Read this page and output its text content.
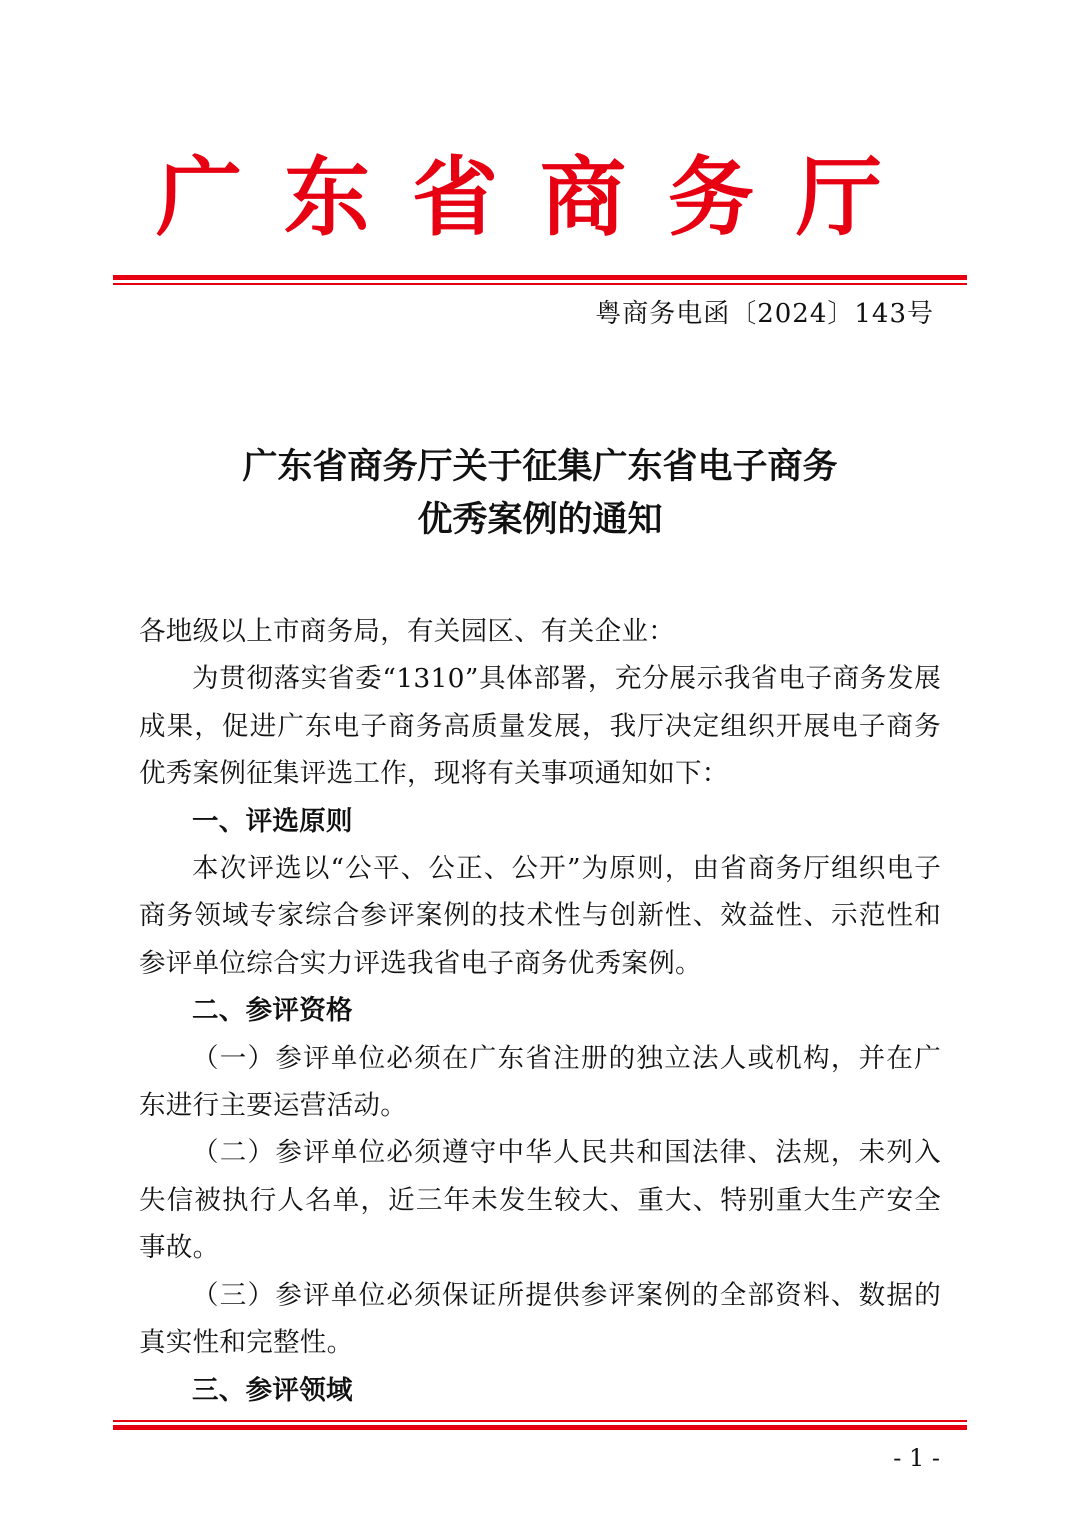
广东省商务厅
粤商务电函〔2024〕143号
广东省商务厅关于征集广东省电子商务
优秀案例的通知

各地级以上市商务局，有关园区、有关企业：

为贯彻落实省委“1310”具体部署，充分展示我省电子商务发展成果，促进广东电子商务高质量发展，我厅决定组织开展电子商务优秀案例征集评选工作，现将有关事项通知如下：

一、评选原则

本次评选以“公平、公正、公开”为原则，由省商务厅组织电子商务领域专家综合参评案例的技术性与创新性、效益性、示范性和参评单位综合实力评选我省电子商务优秀案例。

二、参评资格

（一）参评单位必须在广东省注册的独立法人或机构，并在广东进行主要运营活动。

（二）参评单位必须遵守中华人民共和国法律、法规，未列入失信被执行人名单，近三年未发生较大、重大、特别重大生产安全事故。

（三）参评单位必须保证所提供参评案例的全部资料、数据的真实性和完整性。

三、参评领域
- 1 -
